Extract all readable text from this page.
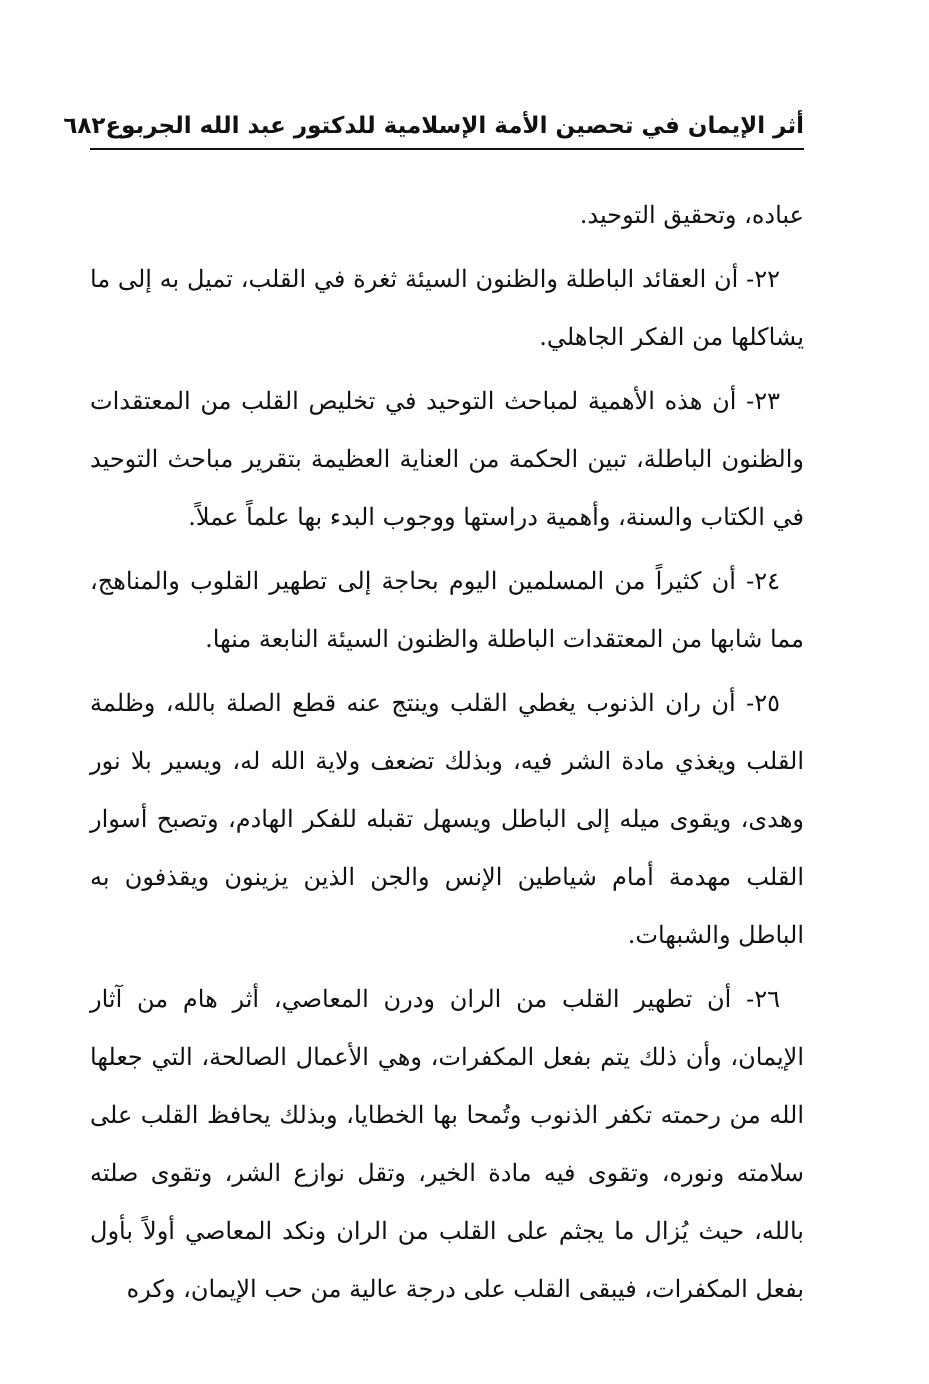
أثر الإيمان في تحصين الأمة الإسلامية للدكتور عبد الله الجربوع
٦٨٢

عباده، وتحقيق التوحيد.

٢٢- أن العقائد الباطلة والظنون السيئة ثغرة في القلب، تميل به إلى ما يشاكلها من الفكر الجاهلي.

٢٣- أن هذه الأهمية لمباحث التوحيد في تخليص القلب من المعتقدات والظنون الباطلة، تبين الحكمة من العناية العظيمة بتقرير مباحث التوحيد في الكتاب والسنة، وأهمية دراستها ووجوب البدء بها علماً عملاً.

٢٤- أن كثيراً من المسلمين اليوم بحاجة إلى تطهير القلوب والمناهج، مما شابها من المعتقدات الباطلة والظنون السيئة النابعة منها.

٢٥- أن ران الذنوب يغطي القلب وينتج عنه قطع الصلة بالله، وظلمة القلب ويغذي مادة الشر فيه، وبذلك تضعف ولاية الله له، ويسير بلا نور وهدى، ويقوى ميله إلى الباطل ويسهل تقبله للفكر الهادم، وتصبح أسوار القلب مهدمة أمام شياطين الإنس والجن الذين يزينون ويقذفون به الباطل والشبهات.

٢٦- أن تطهير القلب من الران ودرن المعاصي، أثر هام من آثار الإيمان، وأن ذلك يتم بفعل المكفرات، وهي الأعمال الصالحة، التي جعلها الله من رحمته تكفر الذنوب وتُمحا بها الخطايا، وبذلك يحافظ القلب على سلامته ونوره، وتقوى فيه مادة الخير، وتقل نوازع الشر، وتقوى صلته بالله، حيث يُزال ما يجثم على القلب من الران ونكد المعاصي أولاً بأول بفعل المكفرات، فيبقى القلب على درجة عالية من حب الإيمان، وكره
